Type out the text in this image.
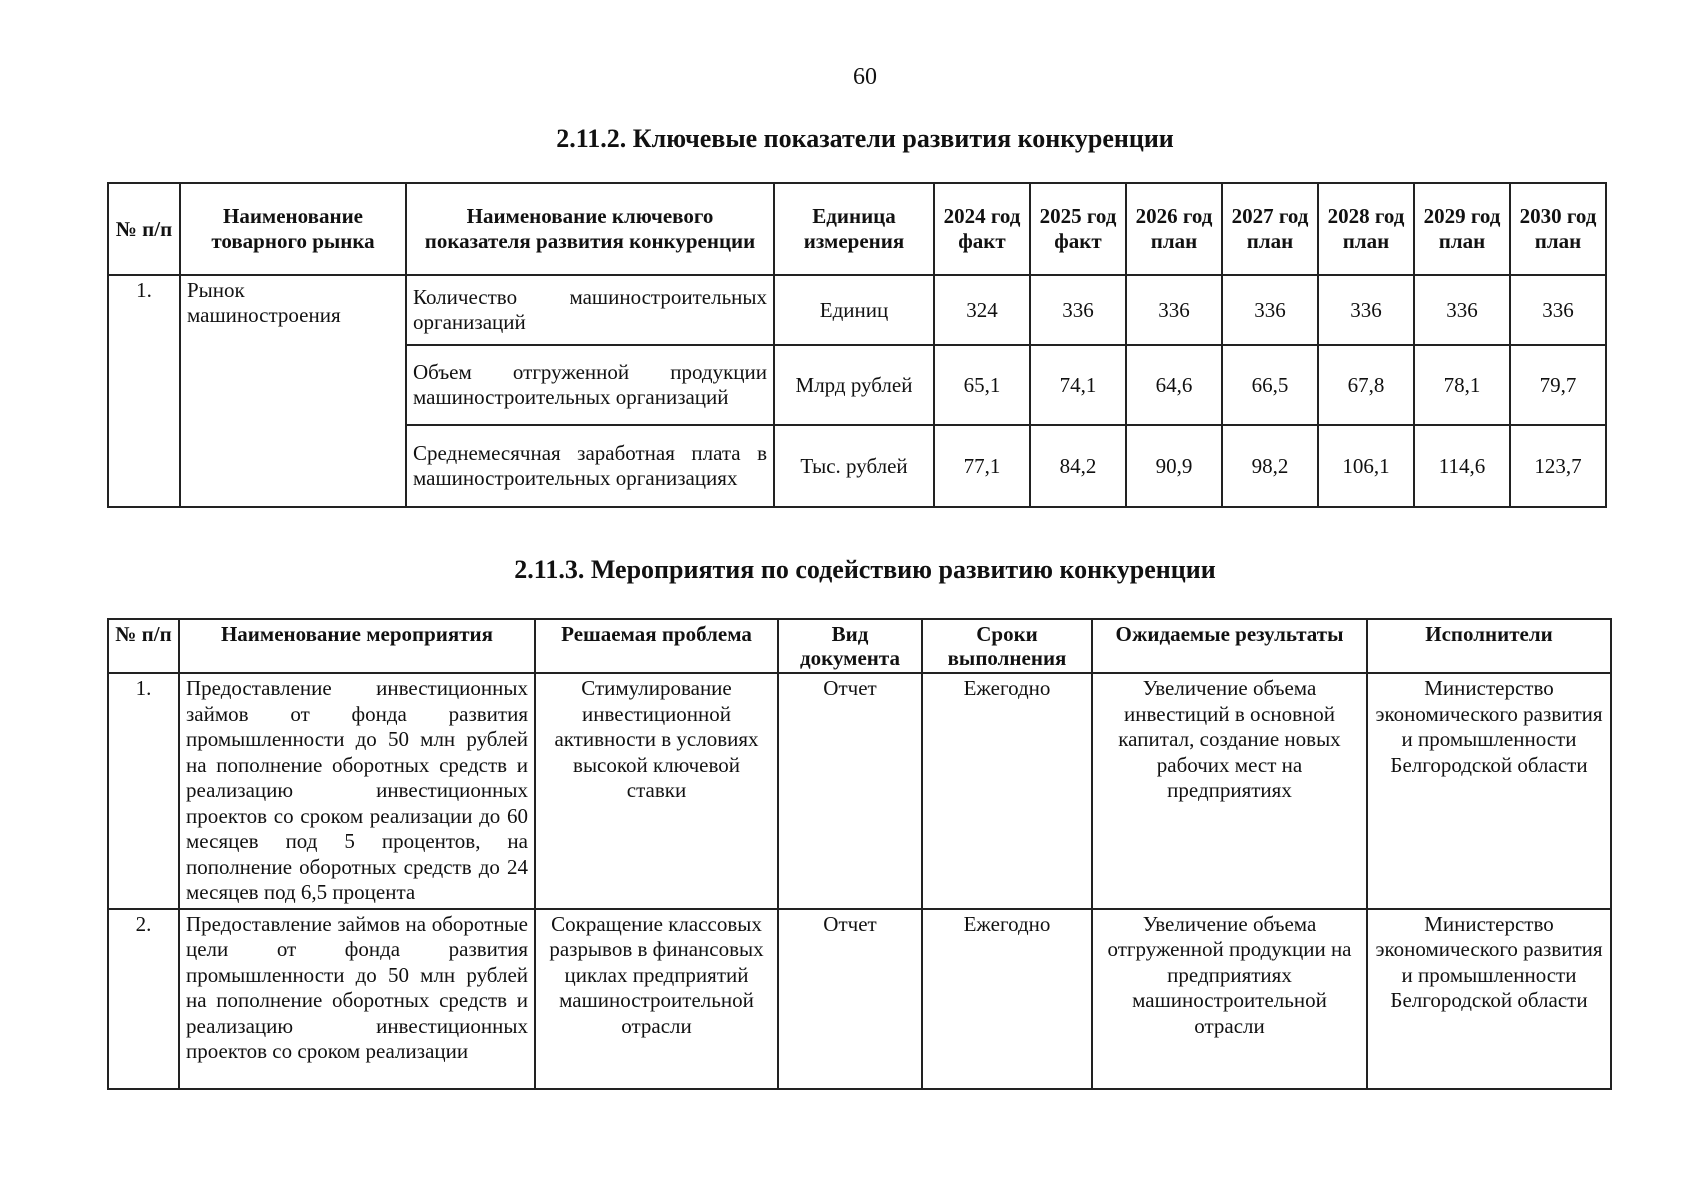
60
2.11.2. Ключевые показатели развития конкуренции
№ п/п	Наименование товарного рынка	Наименование ключевого показателя развития конкуренции	Единица измерения	2024 год факт	2025 год факт	2026 год план	2027 год план	2028 год план	2029 год план	2030 год план
1.	Рынок машиностроения	Количество машиностроительных организаций	Единиц	324	336	336	336	336	336	336
		Объем отгруженной продукции машиностроительных организаций	Млрд рублей	65,1	74,1	64,6	66,5	67,8	78,1	79,7
		Среднемесячная заработная плата в машиностроительных организациях	Тыс. рублей	77,1	84,2	90,9	98,2	106,1	114,6	123,7
2.11.3. Мероприятия по содействию развитию конкуренции
№ п/п	Наименование мероприятия	Решаемая проблема	Вид документа	Сроки выполнения	Ожидаемые результаты	Исполнители
1.	Предоставление инвестиционных займов от фонда развития промышленности до 50 млн рублей на пополнение оборотных средств и реализацию инвестиционных проектов со сроком реализации до 60 месяцев под 5 процентов, на пополнение оборотных средств до 24 месяцев под 6,5 процента	Стимулирование инвестиционной активности в условиях высокой ключевой ставки	Отчет	Ежегодно	Увеличение объема инвестиций в основной капитал, создание новых рабочих мест на предприятиях	Министерство экономического развития и промышленности Белгородской области
2.	Предоставление займов на оборотные цели от фонда развития промышленности до 50 млн рублей на пополнение оборотных средств и реализацию инвестиционных проектов со сроком реализации	Сокращение классовых разрывов в финансовых циклах предприятий машиностроительной отрасли	Отчет	Ежегодно	Увеличение объема отгруженной продукции на предприятиях машиностроительной отрасли	Министерство экономического развития и промышленности Белгородской области
